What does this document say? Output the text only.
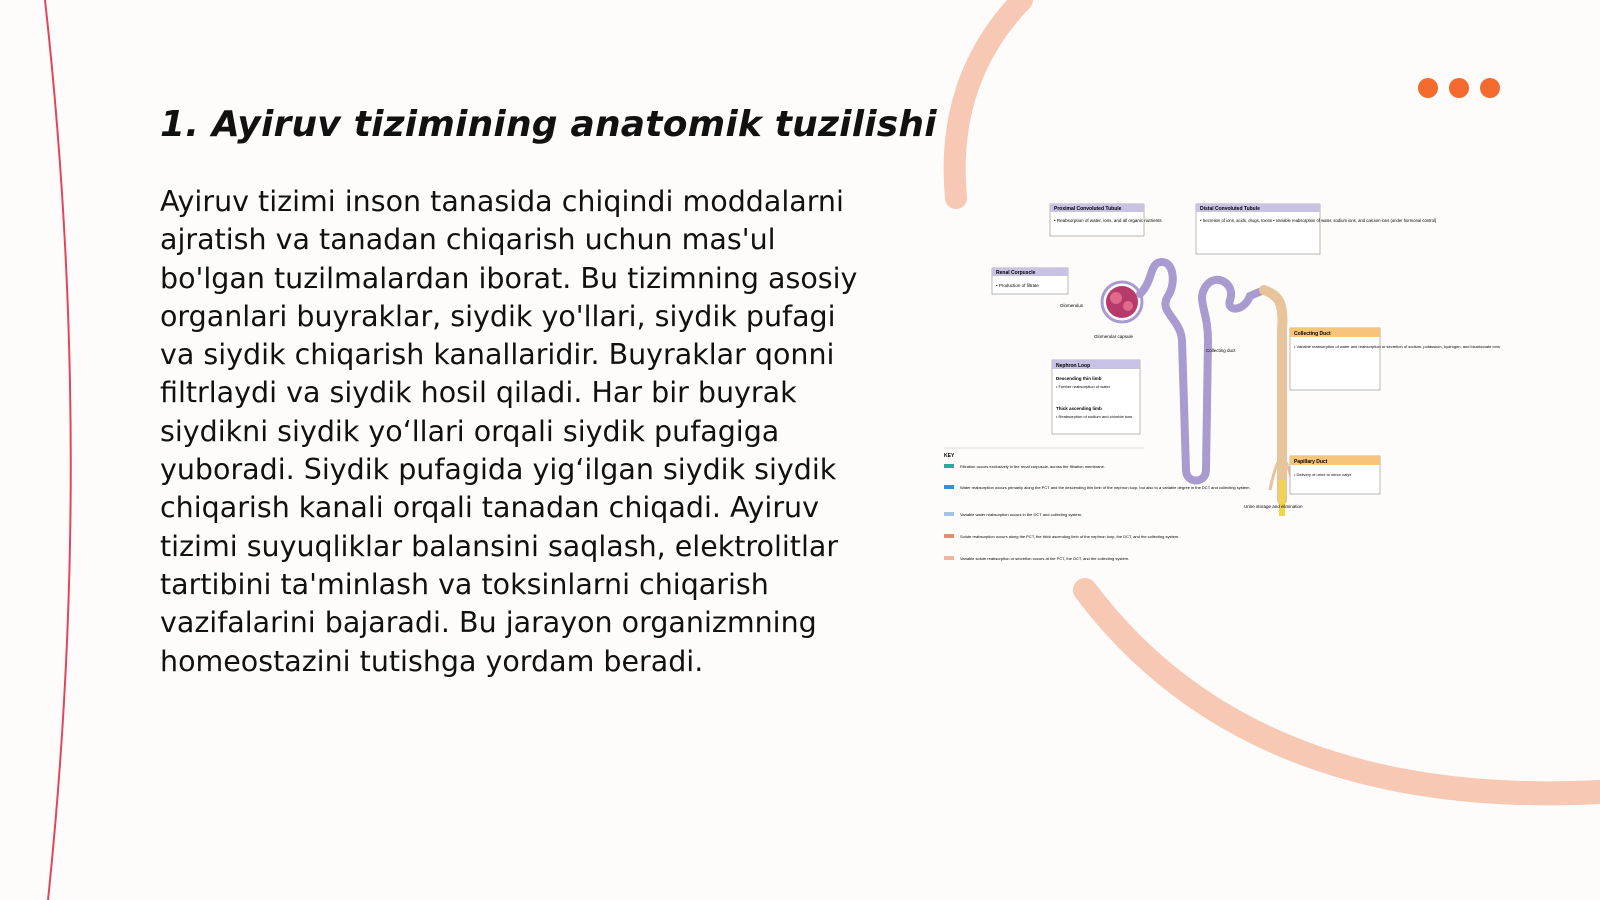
1. Ayiruv tizimining anatomik tuzilishi

Ayiruv tizimi inson tanasida chiqindi moddalarni ajratish va tanadan chiqarish uchun mas'ul bo'lgan tuzilmalardan iborat. Bu tizimning asosiy organlari buyraklar, siydik yo'llari, siydik pufagi va siydik chiqarish kanallaridir. Buyraklar qonni filtrlaydi va siydik hosil qiladi. Har bir buyrak siydikni siydik yo‘llari orqali siydik pufagiga yuboradi. Siydik pufagida yig‘ilgan siydik siydik chiqarish kanali orqali tanadan chiqadi. Ayiruv tizimi suyuqliklar balansini saqlash, elektrolitlar tartibini ta'minlash va toksinlarni chiqarish vazifalarini bajaradi. Bu jarayon organizmning homeostazini tutishga yordam beradi.

Proximal Convoluted Tubule
• Reabsorption of water, ions, and all organic nutrients
Distal Convoluted Tubule
• Secretion of ions, acids, drugs, toxins • Variable reabsorption of water, sodium ions, and calcium ions (under hormonal control)
Renal Corpuscle
• Production of filtrate
Glomerulus
Glomerular capsule
Collecting duct
Collecting Duct
• Variable reabsorption of water and reabsorption or secretion of sodium, potassium, hydrogen, and bicarbonate ions
Nephron Loop
Descending thin limb
• Further reabsorption of water
Thick ascending limb
• Reabsorption of sodium and chloride ions
Papillary Duct
• Delivery of urine to minor calyx
Urine storage and elimination
KEY
Filtration occurs exclusively in the renal corpuscle, across the filtration membrane.
Water reabsorption occurs primarily along the PCT and the descending thin limb of the nephron loop, but also to a variable degree in the DCT and collecting system.
Variable water reabsorption occurs in the DCT and collecting system.
Solute reabsorption occurs along the PCT, the thick ascending limb of the nephron loop, the DCT, and the collecting system.
Variable solute reabsorption or secretion occurs at the PCT, the DCT, and the collecting system.
